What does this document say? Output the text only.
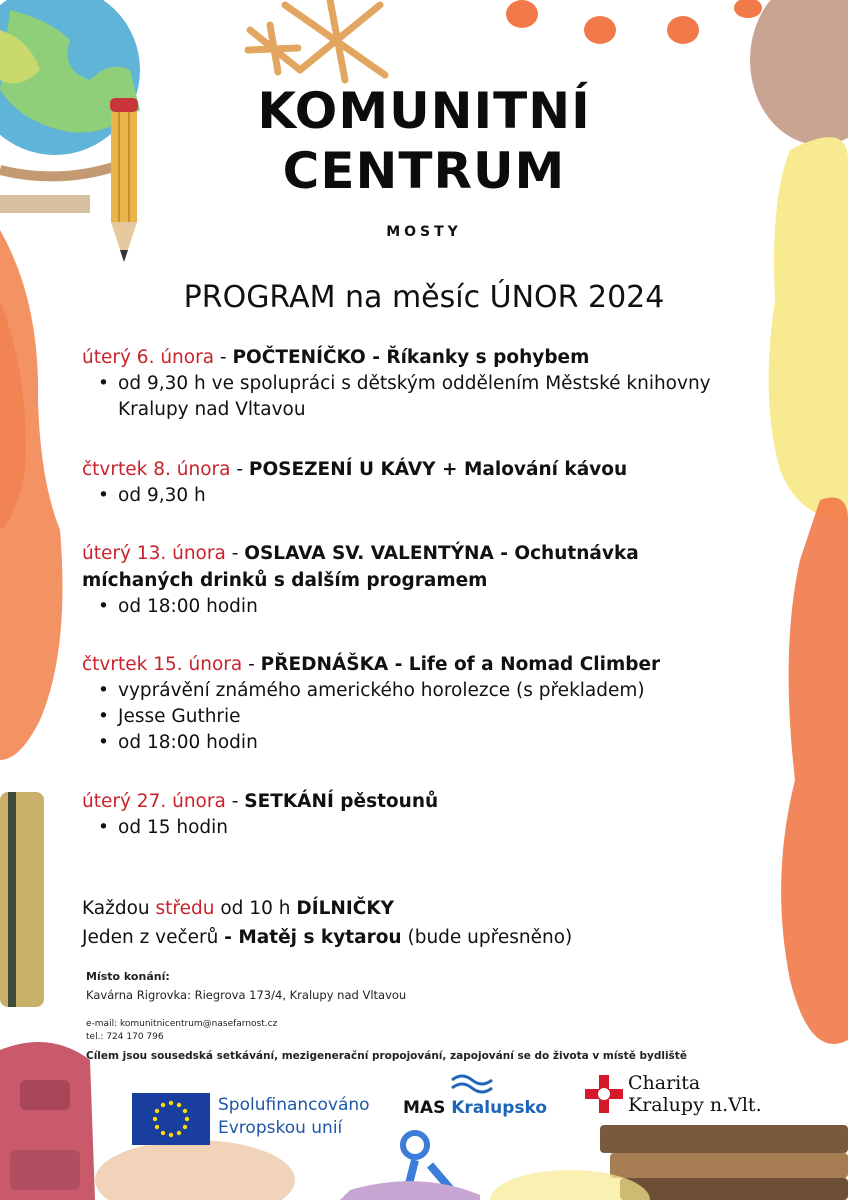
KOMUNITNÍ
CENTRUM
MOSTY
PROGRAM na měsíc ÚNOR 2024
úterý 6. února - POČTENÍČKO - Říkanky s pohybem
• od 9,30 h ve spolupráci s dětským oddělením Městské knihovny Kralupy nad Vltavou
čtvrtek 8. února - POSEZENÍ U KÁVY + Malování kávou
• od 9,30 h
úterý 13. února - OSLAVA SV. VALENTÝNA - Ochutnávka míchaných drinků s dalším programem
• od 18:00 hodin
čtvrtek 15. února - PŘEDNÁŠKA - Life of a Nomad Climber
• vyprávění známého amerického horolezce (s překladem)
• Jesse Guthrie
• od 18:00 hodin
úterý 27. února - SETKÁNÍ pěstounů
• od 15 hodin
Každou středu od 10 h DÍLNIČKY
Jeden z večerů - Matěj s kytarou (bude upřesněno)
Místo konání:
Kavárna Rigrovka: Riegrova 173/4, Kralupy nad Vltavou
e-mail: komunitnicentrum@nasefarnost.cz
tel.: 724 170 796
Cílem jsou sousedská setkávání, mezigenerační propojování, zapojování se do života v místě bydliště
Spolufinancováno
Evropskou unií
MAS Kralupsko
Charita
Kralupy n.Vlt.
